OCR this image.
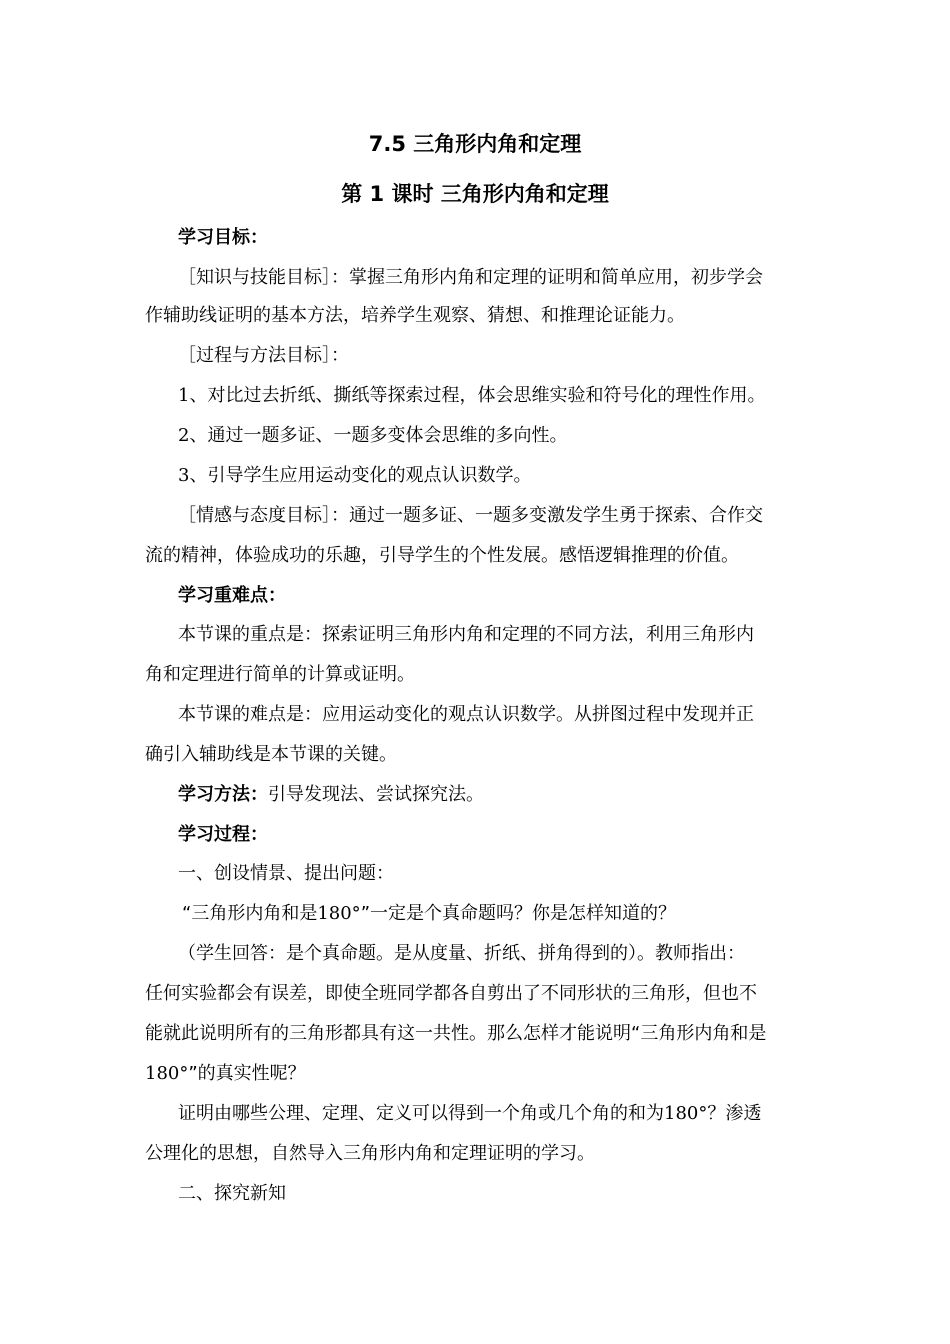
7.5 三角形内角和定理
第 1 课时 三角形内角和定理

学习目标：

［知识与技能目标］：掌握三角形内角和定理的证明和简单应用，初步学会

作辅助线证明的基本方法，培养学生观察、猜想、和推理论证能力。

［过程与方法目标］：

1、对比过去折纸、撕纸等探索过程，体会思维实验和符号化的理性作用。

2、通过一题多证、一题多变体会思维的多向性。

3、引导学生应用运动变化的观点认识数学。

［情感与态度目标］：通过一题多证、一题多变激发学生勇于探索、合作交

流的精神，体验成功的乐趣，引导学生的个性发展。感悟逻辑推理的价值。

学习重难点：

本节课的重点是：探索证明三角形内角和定理的不同方法，利用三角形内

角和定理进行简单的计算或证明。

本节课的难点是：应用运动变化的观点认识数学。从拼图过程中发现并正

确引入辅助线是本节课的关键。

学习方法：引导发现法、尝试探究法。

学习过程：

一、创设情景、提出问题：

“三角形内角和是180°”一定是个真命题吗？你是怎样知道的？

（学生回答：是个真命题。是从度量、折纸、拼角得到的）。教师指出：

任何实验都会有误差，即使全班同学都各自剪出了不同形状的三角形，但也不

能就此说明所有的三角形都具有这一共性。那么怎样才能说明“三角形内角和是

180°”的真实性呢？

证明由哪些公理、定理、定义可以得到一个角或几个角的和为180°？渗透

公理化的思想，自然导入三角形内角和定理证明的学习。

二、探究新知
